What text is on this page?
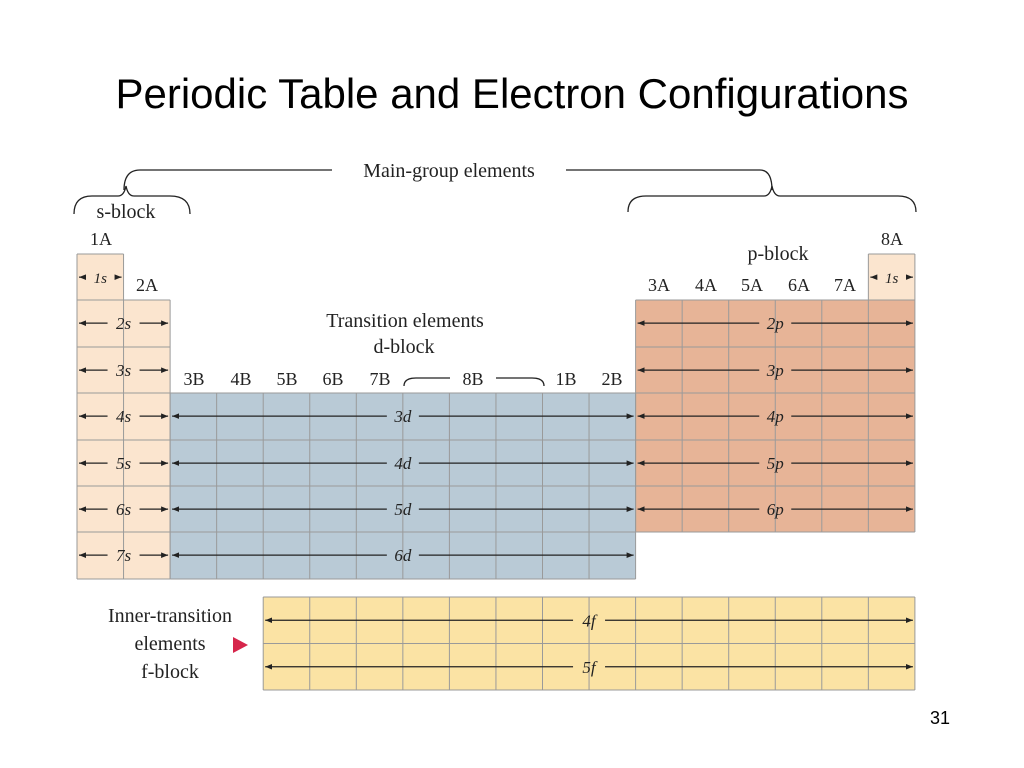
Periodic Table and Electron Configurations
31
1s
2s
3s
4s
5s
6s
7s
1s
2p
3p
4p
5p
6p
3d
4d
5d
6d
4f
5f
Main-group elements
s-block
p-block
Transition elements
d-block
1A
2A
3B 4B 5B 6B 7B	8B	1B 2B
3A 4A 5A 6A 7A
8A
Inner-transition
elements
f-block
